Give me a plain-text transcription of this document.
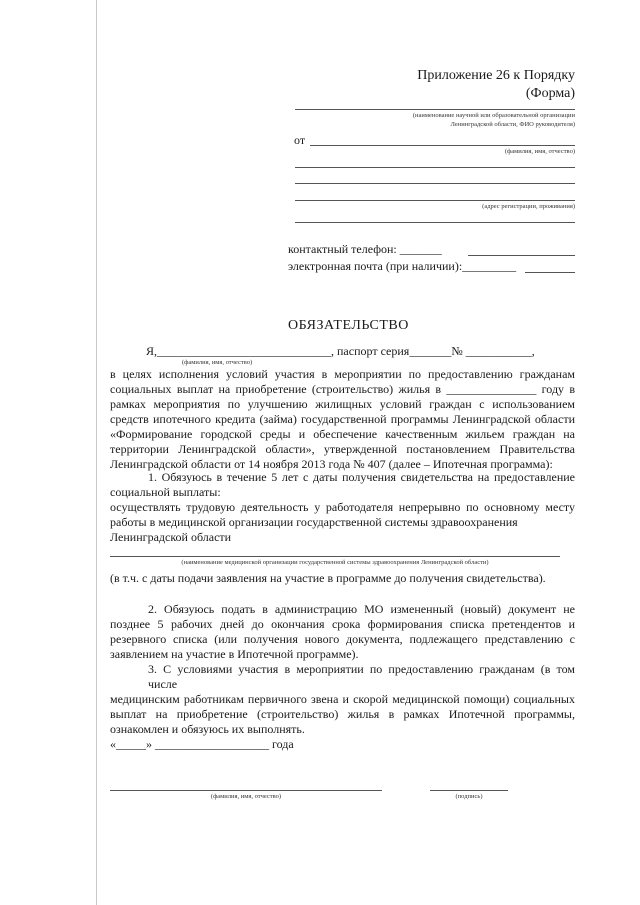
Приложение 26 к Порядку
(Форма)
(наименование научной или образовательной организации
Ленинградской области, ФИО руководителя)
от
(фамилия, имя, отчество)
(адрес регистрации, проживания)
контактный телефон: _______
электронная почта (при наличии):_________
ОБЯЗАТЕЛЬСТВО
Я,_____________________________, паспорт серия_______№ ___________,
(фамилия, имя, отчество)
в целях исполнения условий участия в мероприятии по предоставлению гражданам
социальных выплат на приобретение (строительство) жилья в _______________ году в
рамках мероприятия по улучшению жилищных условий граждан с использованием
средств ипотечного кредита (займа) государственной программы Ленинградской области
«Формирование городской среды и обеспечение качественным жильем граждан на
территории Ленинградской области», утвержденной постановлением Правительства
Ленинградской области от 14 ноября 2013 года № 407 (далее – Ипотечная программа):
1. Обязуюсь в течение 5 лет с даты получения свидетельства на предоставление
социальной выплаты:
осуществлять трудовую деятельность у работодателя непрерывно по основному месту
работы в медицинской организации государственной системы здравоохранения
Ленинградской области
(наименование медицинской организации государственной системы здравоохранения Ленинградской области)
(в т.ч. с даты подачи заявления на участие в программе до получения свидетельства).
2. Обязуюсь подать в администрацию МО измененный (новый) документ не
позднее 5 рабочих дней до окончания срока формирования списка претендентов и
резервного списка (или получения нового документа, подлежащего представлению с
заявлением на участие в Ипотечной программе).
3. С условиями участия в мероприятии по предоставлению гражданам (в том числе
медицинским работникам первичного звена и скорой медицинской помощи) социальных
выплат на приобретение (строительство) жилья в рамках Ипотечной программы,
ознакомлен и обязуюсь их выполнять.
«_____» ___________________ года
(фамилия, имя, отчество)	(подпись)
